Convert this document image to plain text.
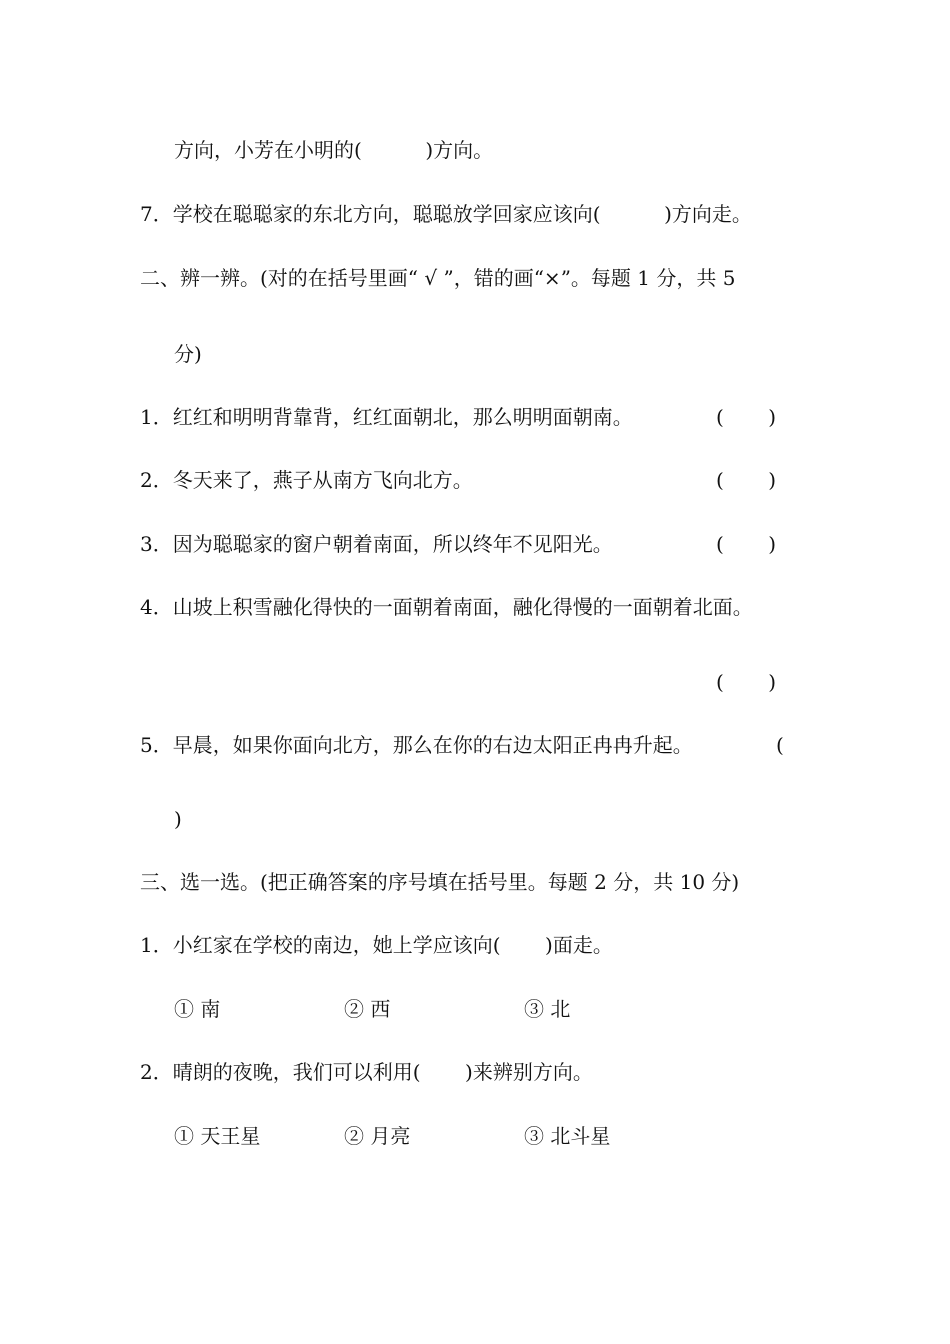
方向，小芳在小明的(          )方向。
7．学校在聪聪家的东北方向，聪聪放学回家应该向(          )方向走。
二、辨一辨。(对的在括号里画“ √ ”，错的画“×”。每题 1 分，共 5
分)
1．红红和明明背靠背，红红面朝北，那么明明面朝南。	(       )
2．冬天来了，燕子从南方飞向北方。	(       )
3．因为聪聪家的窗户朝着南面，所以终年不见阳光。	(       )
4．山坡上积雪融化得快的一面朝着南面，融化得慢的一面朝着北面。
(       )
5．早晨，如果你面向北方，那么在你的右边太阳正冉冉升起。	(
)
三、选一选。(把正确答案的序号填在括号里。每题 2 分，共 10 分)
1．小红家在学校的南边，她上学应该向(       )面走。
① 南	② 西	③ 北
2．晴朗的夜晚，我们可以利用(       )来辨别方向。
① 天王星	② 月亮	③ 北斗星
